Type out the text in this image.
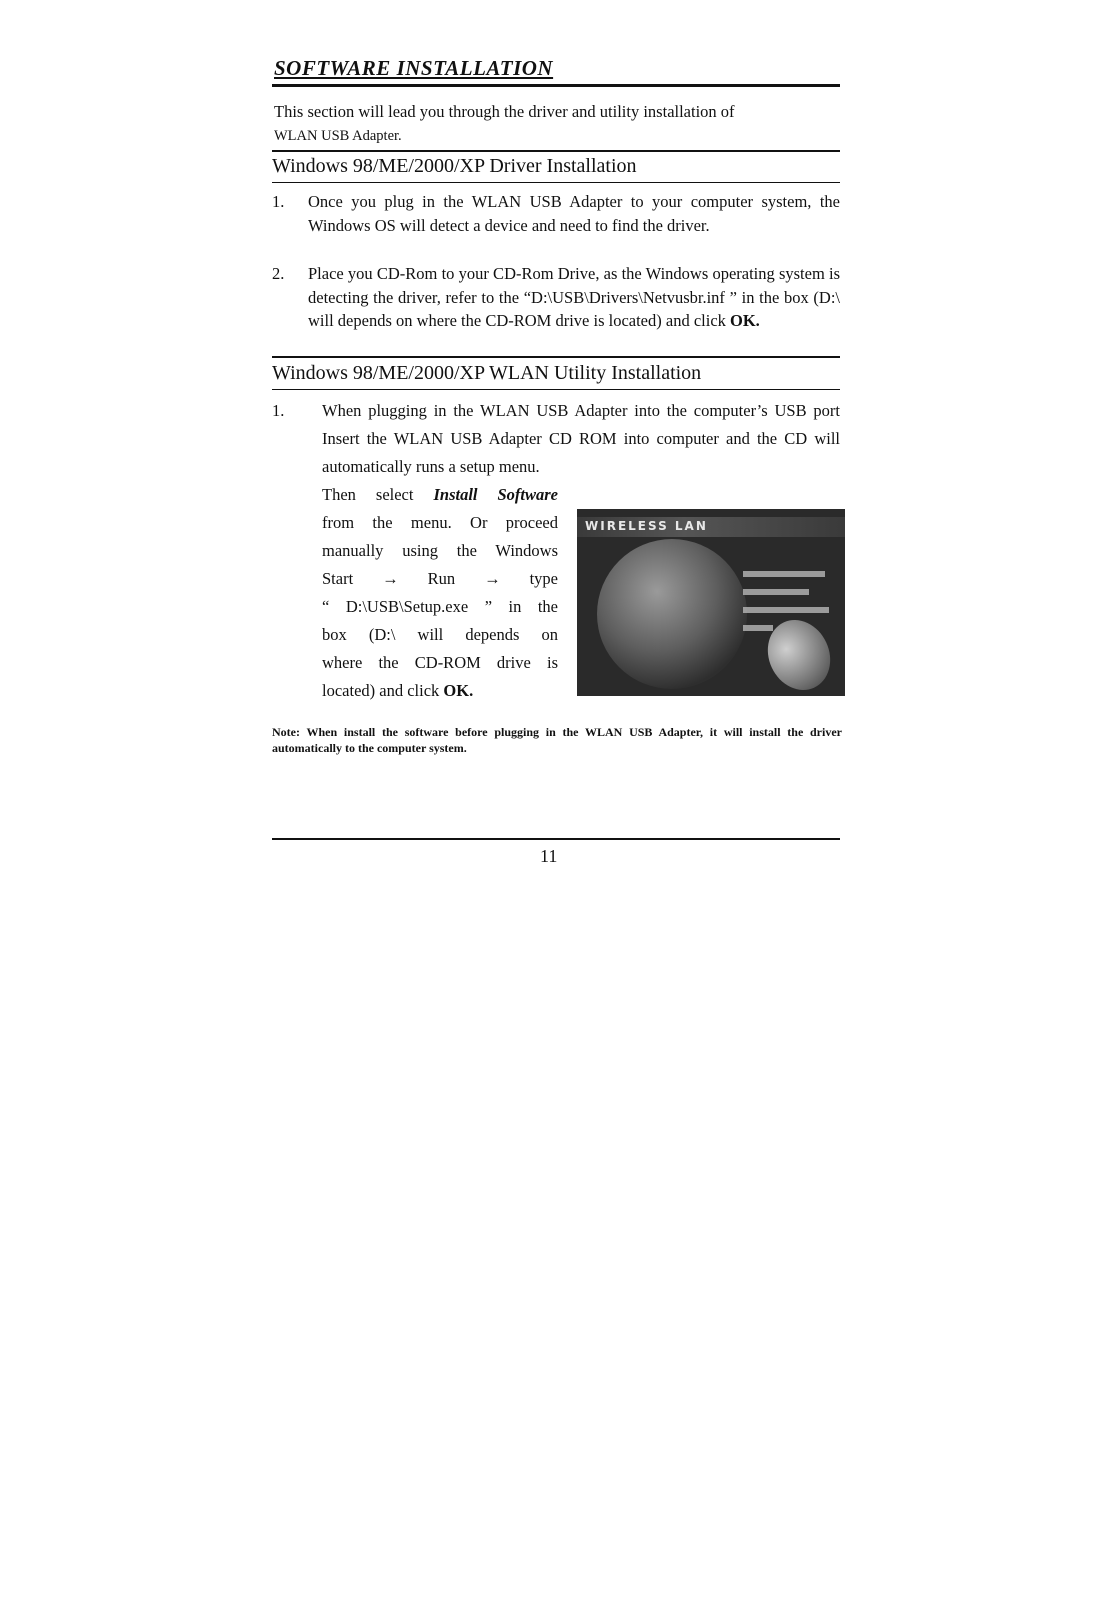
SOFTWARE INSTALLATION
This section will lead you through the driver and utility installation of
WLAN USB Adapter.
Windows 98/ME/2000/XP Driver Installation
1. Once you plug in the WLAN USB Adapter to your computer system, the Windows OS will detect a device and need to find the driver.
2. Place you CD-Rom to your CD-Rom Drive, as the Windows operating system is detecting the driver, refer to the “D:\USB\Drivers\Netvusbr.inf ” in the box (D:\ will depends on where the CD-ROM drive is located) and click OK.
Windows 98/ME/2000/XP WLAN Utility Installation
1. When plugging in the WLAN USB Adapter into the computer’s USB port Insert the WLAN USB Adapter CD ROM into computer and the CD will automatically runs a setup menu.
Then select Install Software
from the menu. Or proceed
manually using the Windows
Start → Run → type
“ D:\USB\Setup.exe ” in the
box (D:\ will depends on
where the CD-ROM drive is
located) and click OK.
WIRELESS LAN
Note: When install the software before plugging in the WLAN USB Adapter, it will install the driver automatically to the computer system.
11
